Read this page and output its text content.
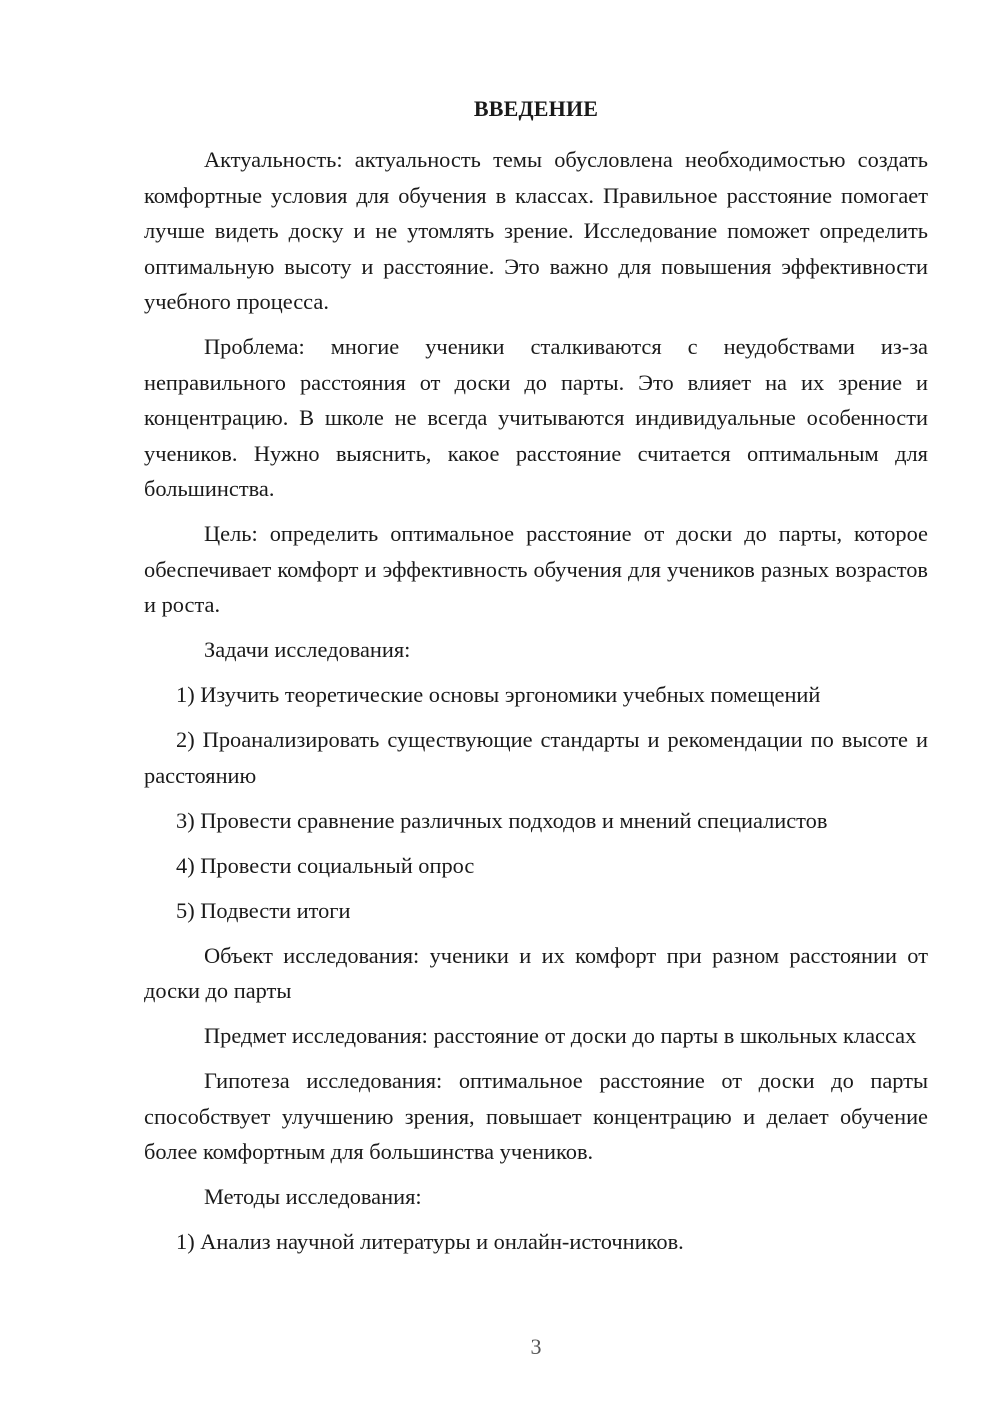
ВВЕДЕНИЕ

Актуальность: актуальность темы обусловлена необходимостью создать комфортные условия для обучения в классах. Правильное расстояние помогает лучше видеть доску и не утомлять зрение. Исследование поможет определить оптимальную высоту и расстояние. Это важно для повышения эффективности учебного процесса.

Проблема: многие ученики сталкиваются с неудобствами из-за неправильного расстояния от доски до парты. Это влияет на их зрение и концентрацию. В школе не всегда учитываются индивидуальные особенности учеников. Нужно выяснить, какое расстояние считается оптимальным для большинства.

Цель: определить оптимальное расстояние от доски до парты, которое обеспечивает комфорт и эффективность обучения для учеников разных возрастов и роста.

Задачи исследования:

1) Изучить теоретические основы эргономики учебных помещений

2) Проанализировать существующие стандарты и рекомендации по высоте и расстоянию

3) Провести сравнение различных подходов и мнений специалистов

4) Провести социальный опрос

5) Подвести итоги

Объект исследования: ученики и их комфорт при разном расстоянии от доски до парты

Предмет исследования: расстояние от доски до парты в школьных классах

Гипотеза исследования: оптимальное расстояние от доски до парты способствует улучшению зрения, повышает концентрацию и делает обучение более комфортным для большинства учеников.

Методы исследования:

1) Анализ научной литературы и онлайн-источников.

3
